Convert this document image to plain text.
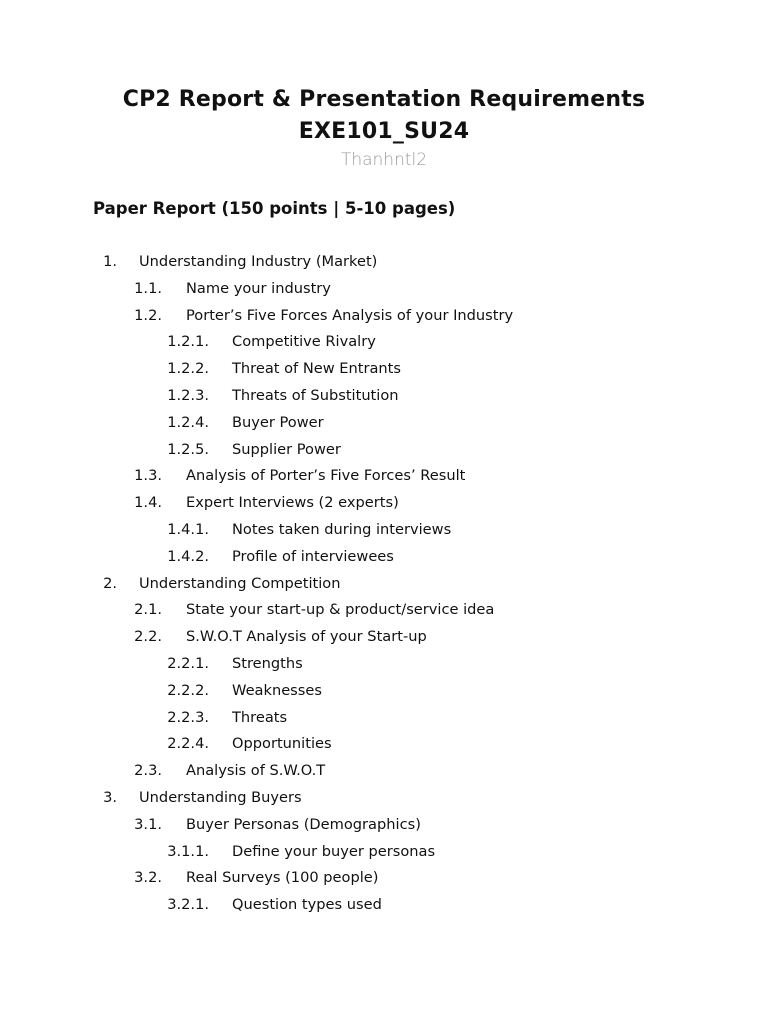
CP2 Report & Presentation Requirements
EXE101_SU24
Thanhntl2
Paper Report (150 points | 5-10 pages)
1. Understanding Industry (Market)
1.1. Name your industry
1.2. Porter’s Five Forces Analysis of your Industry
1.2.1. Competitive Rivalry
1.2.2. Threat of New Entrants
1.2.3. Threats of Substitution
1.2.4. Buyer Power
1.2.5. Supplier Power
1.3. Analysis of Porter’s Five Forces’ Result
1.4. Expert Interviews (2 experts)
1.4.1. Notes taken during interviews
1.4.2. Profile of interviewees
2. Understanding Competition
2.1. State your start-up & product/service idea
2.2. S.W.O.T Analysis of your Start-up
2.2.1. Strengths
2.2.2. Weaknesses
2.2.3. Threats
2.2.4. Opportunities
2.3. Analysis of S.W.O.T
3. Understanding Buyers
3.1. Buyer Personas (Demographics)
3.1.1. Define your buyer personas
3.2. Real Surveys (100 people)
3.2.1. Question types used
